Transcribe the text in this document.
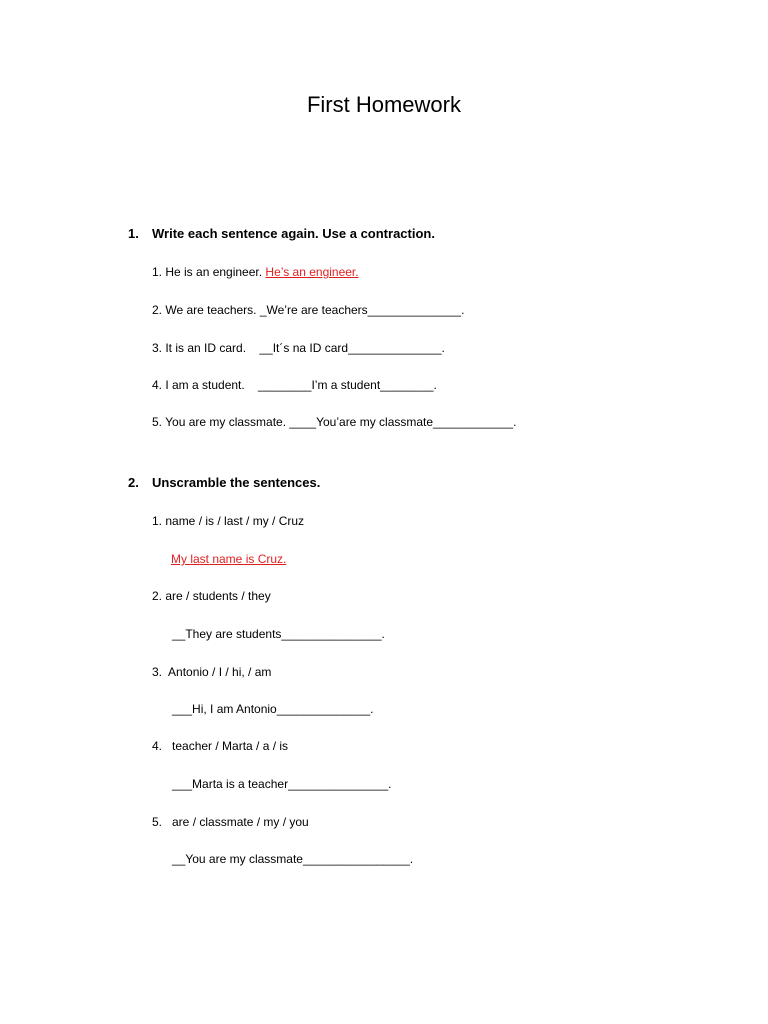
First Homework
1. Write each sentence again. Use a contraction.
1. He is an engineer. He’s an engineer.
2. We are teachers. _We’re are teachers______________.
3. It is an ID card.    __It´s na ID card______________.
4. I am a student.    ________I’m a student________.
5. You are my classmate. ____You’are my classmate____________.
2. Unscramble the sentences.
1. name / is / last / my / Cruz
My last name is Cruz.
2. are / students / they
__They are students_______________.
3.  Antonio / I / hi, / am
___Hi, I am Antonio______________.
4.   teacher / Marta / a / is
___Marta is a teacher_______________.
5.   are / classmate / my / you
__You are my classmate________________.
